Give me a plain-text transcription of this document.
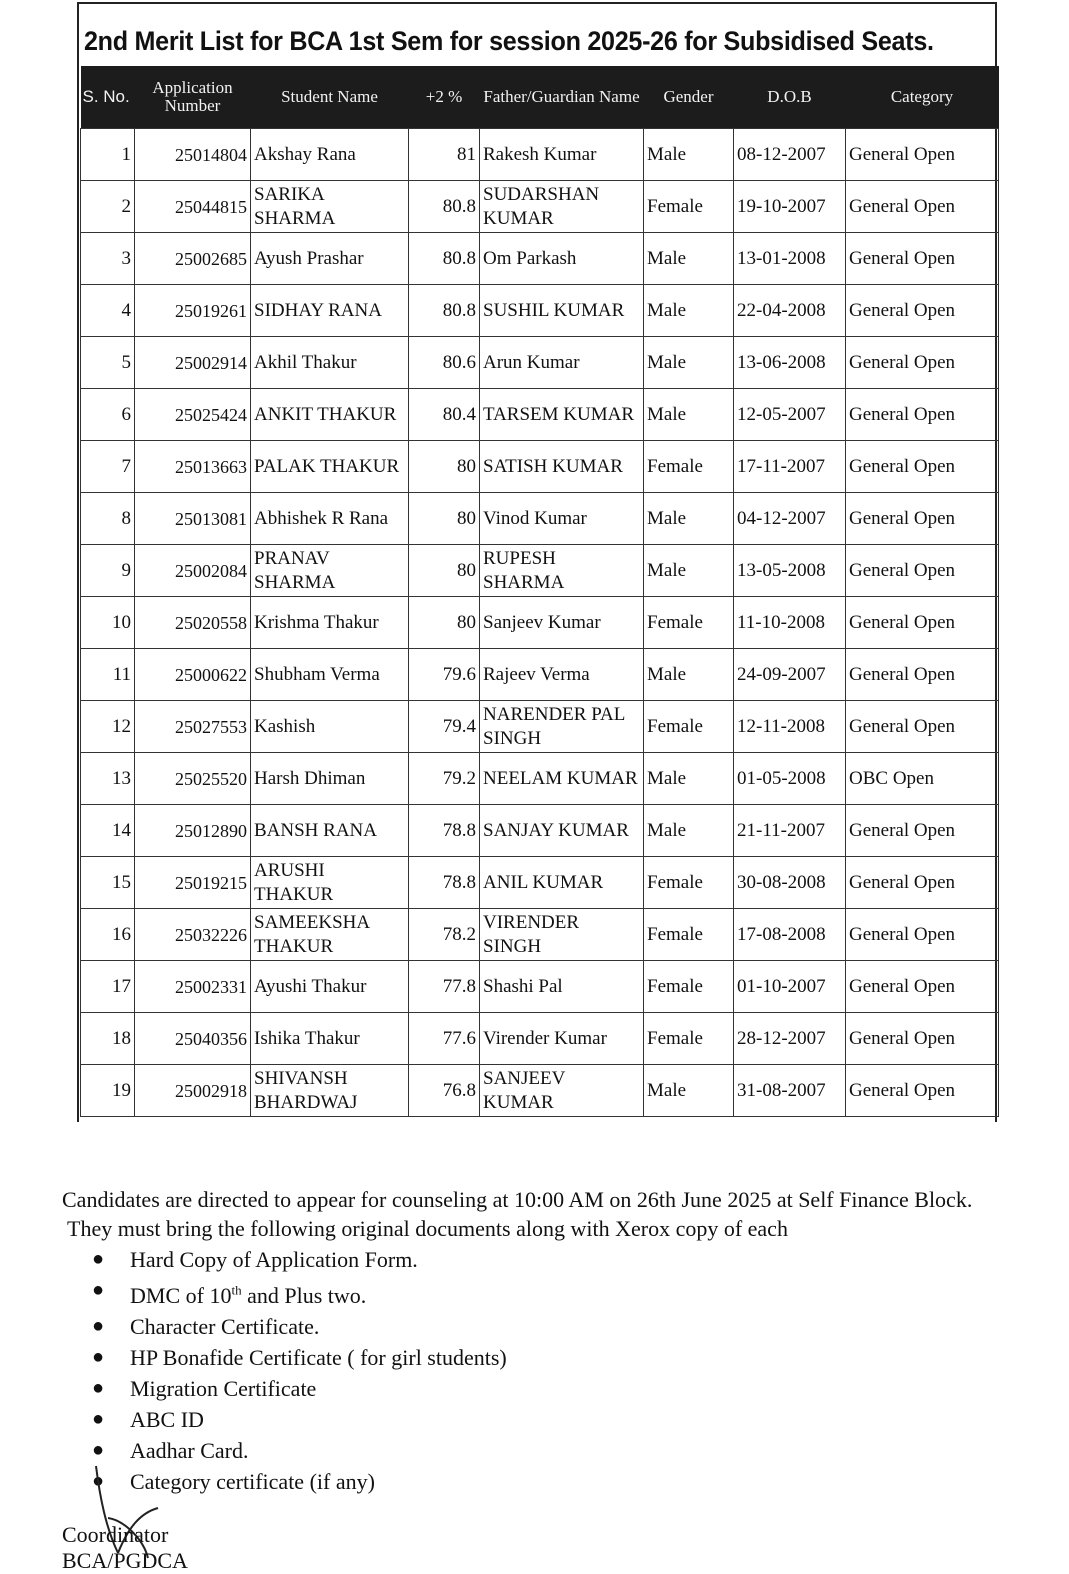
2nd Merit List for BCA 1st Sem for session 2025-26 for Subsidised Seats.
S. No.	Application Number	Student Name	+2 %	Father/Guardian Name	Gender	D.O.B	Category
1	25014804	Akshay Rana	81	Rakesh Kumar	Male	08-12-2007	General Open
2	25044815	SARIKA SHARMA	80.8	SUDARSHAN KUMAR	Female	19-10-2007	General Open
3	25002685	Ayush Prashar	80.8	Om Parkash	Male	13-01-2008	General Open
4	25019261	SIDHAY RANA	80.8	SUSHIL KUMAR	Male	22-04-2008	General Open
5	25002914	Akhil Thakur	80.6	Arun Kumar	Male	13-06-2008	General Open
6	25025424	ANKIT THAKUR	80.4	TARSEM KUMAR	Male	12-05-2007	General Open
7	25013663	PALAK THAKUR	80	SATISH KUMAR	Female	17-11-2007	General Open
8	25013081	Abhishek R Rana	80	Vinod Kumar	Male	04-12-2007	General Open
9	25002084	PRANAV SHARMA	80	RUPESH SHARMA	Male	13-05-2008	General Open
10	25020558	Krishma Thakur	80	Sanjeev Kumar	Female	11-10-2008	General Open
11	25000622	Shubham Verma	79.6	Rajeev Verma	Male	24-09-2007	General Open
12	25027553	Kashish	79.4	NARENDER PAL SINGH	Female	12-11-2008	General Open
13	25025520	Harsh Dhiman	79.2	NEELAM KUMAR	Male	01-05-2008	OBC Open
14	25012890	BANSH RANA	78.8	SANJAY KUMAR	Male	21-11-2007	General Open
15	25019215	ARUSHI THAKUR	78.8	ANIL KUMAR	Female	30-08-2008	General Open
16	25032226	SAMEEKSHA THAKUR	78.2	VIRENDER SINGH	Female	17-08-2008	General Open
17	25002331	Ayushi Thakur	77.8	Shashi Pal	Female	01-10-2007	General Open
18	25040356	Ishika Thakur	77.6	Virender Kumar	Female	28-12-2007	General Open
19	25002918	SHIVANSH BHARDWAJ	76.8	SANJEEV KUMAR	Male	31-08-2007	General Open

Candidates are directed to appear for counseling at 10:00 AM on 26th June 2025 at Self Finance Block.

They must bring the following original documents along with Xerox copy of each

● Hard Copy of Application Form.
● DMC of 10th and Plus two.
● Character Certificate.
● HP Bonafide Certificate ( for girl students)
● Migration Certificate
● ABC ID
● Aadhar Card.
● Category certificate (if any)
Coordinator
BCA/PGDCA
